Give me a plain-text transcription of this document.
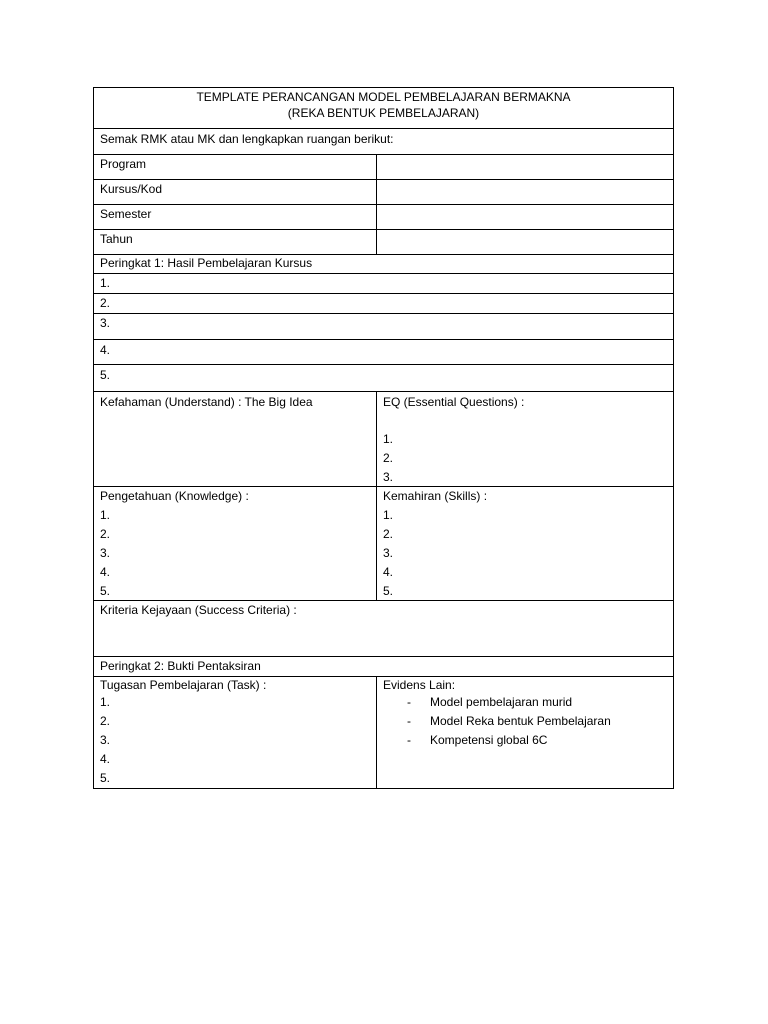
TEMPLATE PERANCANGAN MODEL PEMBELAJARAN BERMAKNA
(REKA BENTUK PEMBELAJARAN)
Semak RMK atau MK dan lengkapkan ruangan berikut:
Program
Kursus/Kod
Semester
Tahun
Peringkat 1: Hasil Pembelajaran Kursus
1.
2.
3.
4.
5.
Kefahaman (Understand) : The Big Idea	EQ (Essential Questions) :
1.
2.
3.
Pengetahuan (Knowledge) :
1.
2.
3.
4.
5.
Kemahiran (Skills) :
1.
2.
3.
4.
5.
Kriteria Kejayaan (Success Criteria) :
Peringkat 2: Bukti Pentaksiran
Tugasan Pembelajaran (Task) :
1.
2.
3.
4.
5.
Evidens Lain:
- Model pembelajaran murid
- Model Reka bentuk Pembelajaran
- Kompetensi global 6C
